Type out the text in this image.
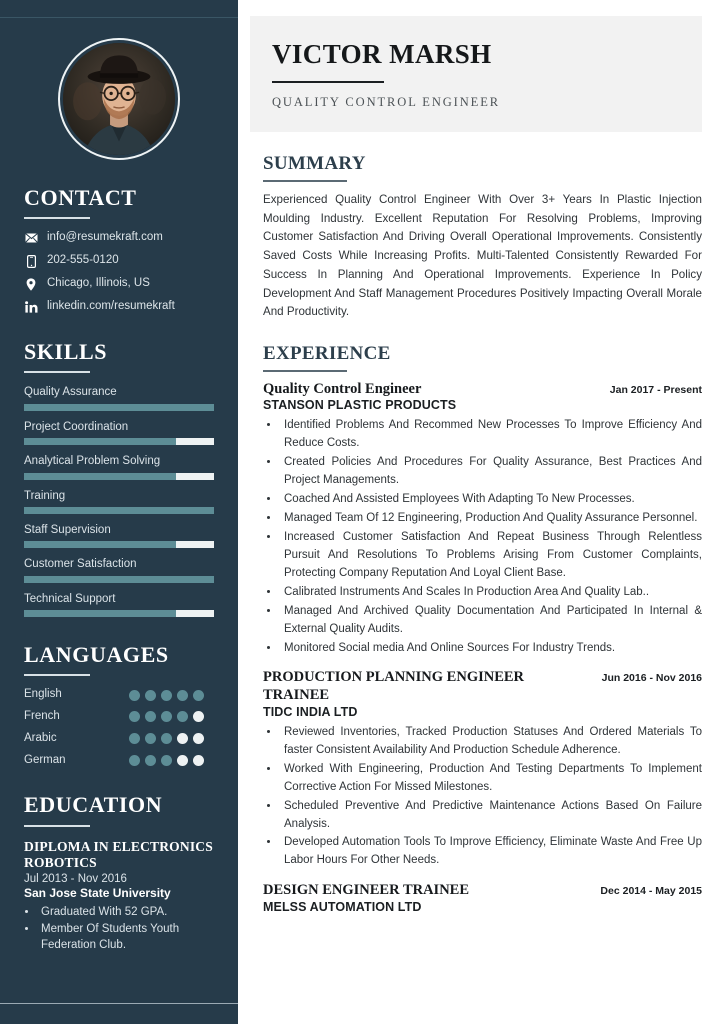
CONTACT
info@resumekraft.com
202-555-0120
Chicago, Illinois, US
linkedin.com/resumekraft
SKILLS
Quality Assurance
Project Coordination
Analytical Problem Solving
Training
Staff Supervision
Customer Satisfaction
Technical Support
LANGUAGES
English
French
Arabic
German
EDUCATION
DIPLOMA IN ELECTRONICS ROBOTICS
Jul 2013 - Nov 2016
San Jose State University
• Graduated With 52 GPA.
• Member Of Students Youth Federation Club.
VICTOR MARSH
QUALITY CONTROL ENGINEER
SUMMARY

Experienced Quality Control Engineer With Over 3+ Years In Plastic Injection Moulding Industry. Excellent Reputation For Resolving Problems, Improving Customer Satisfaction And Driving Overall Operational Improvements. Consistently Saved Costs While Increasing Profits. Multi-Talented Consistently Rewarded For Success In Planning And Operational Improvements. Experience In Policy Development And Staff Management Procedures Positively Impacting Overall Morale And Productivity.

EXPERIENCE
Quality Control Engineer	Jan 2017 - Present
STANSON PLASTIC PRODUCTS
• Identified Problems And Recommed New Processes To Improve Efficiency And Reduce Costs.
• Created Policies And Procedures For Quality Assurance, Best Practices And Project Managements.
• Coached And Assisted Employees With Adapting To New Processes.
• Managed Team Of 12 Engineering, Production And Quality Assurance Personnel.
• Increased Customer Satisfaction And Repeat Business Through Relentless Pursuit And Resolutions To Problems Arising From Customer Complaints, Protecting Company Reputation And Loyal Client Base.
• Calibrated Instruments And Scales In Production Area And Quality Lab..
• Managed And Archived Quality Documentation And Participated In Internal & External Quality Audits.
• Monitored Social media And Online Sources For Industry Trends.
PRODUCTION PLANNING ENGINEER TRAINEE
Jun 2016 - Nov 2016
TIDC INDIA LTD
• Reviewed Inventories, Tracked Production Statuses And Ordered Materials To faster Consistent Availability And Production Schedule Adherence.
• Worked With Engineering, Production And Testing Departments To Implement Corrective Action For Missed Milestones.
• Scheduled Preventive And Predictive Maintenance Actions Based On Failure Analysis.
• Developed Automation Tools To Improve Efficiency, Eliminate Waste And Free Up Labor Hours For Other Needs.
DESIGN ENGINEER TRAINEE	Dec 2014 - May 2015
MELSS AUTOMATION LTD
